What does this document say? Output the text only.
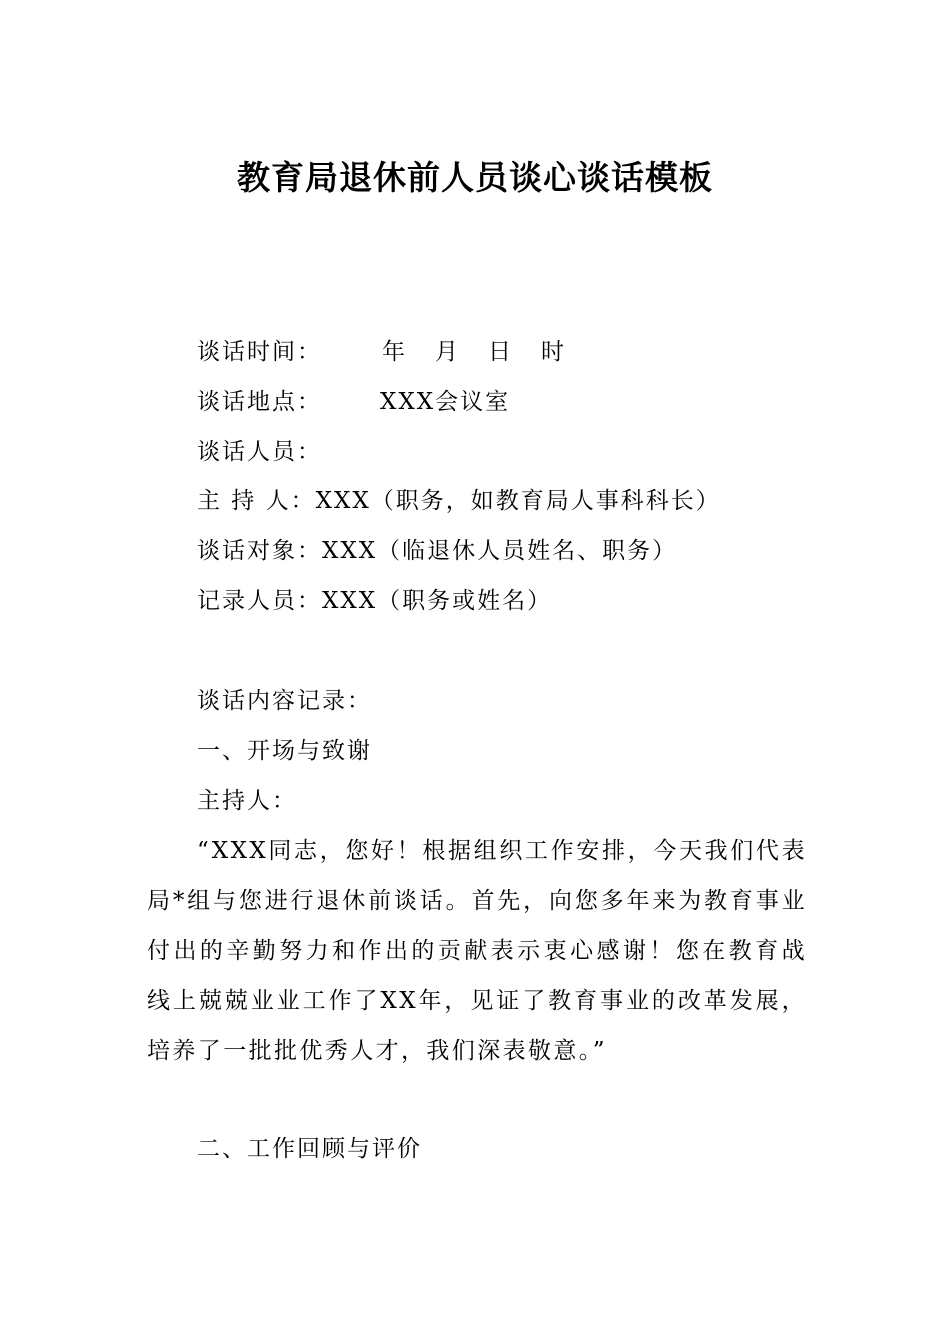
教育局退休前人员谈心谈话模板
谈话时间：	年 月 日 时
谈话地点：	XXX会议室
谈话人员：
主 持 人：XXX（职务，如教育局人事科科长）
谈话对象：XXX（临退休人员姓名、职务）
记录人员：XXX（职务或姓名）
谈话内容记录：
一、开场与致谢
主持人：
“XXX同志，您好！根据组织工作安排，今天我们代表局*组与您进行退休前谈话。首先，向您多年来为教育事业付出的辛勤努力和作出的贡献表示衷心感谢！您在教育战线上兢兢业业工作了XX年，见证了教育事业的改革发展，培养了一批批优秀人才，我们深表敬意。”
二、工作回顾与评价
